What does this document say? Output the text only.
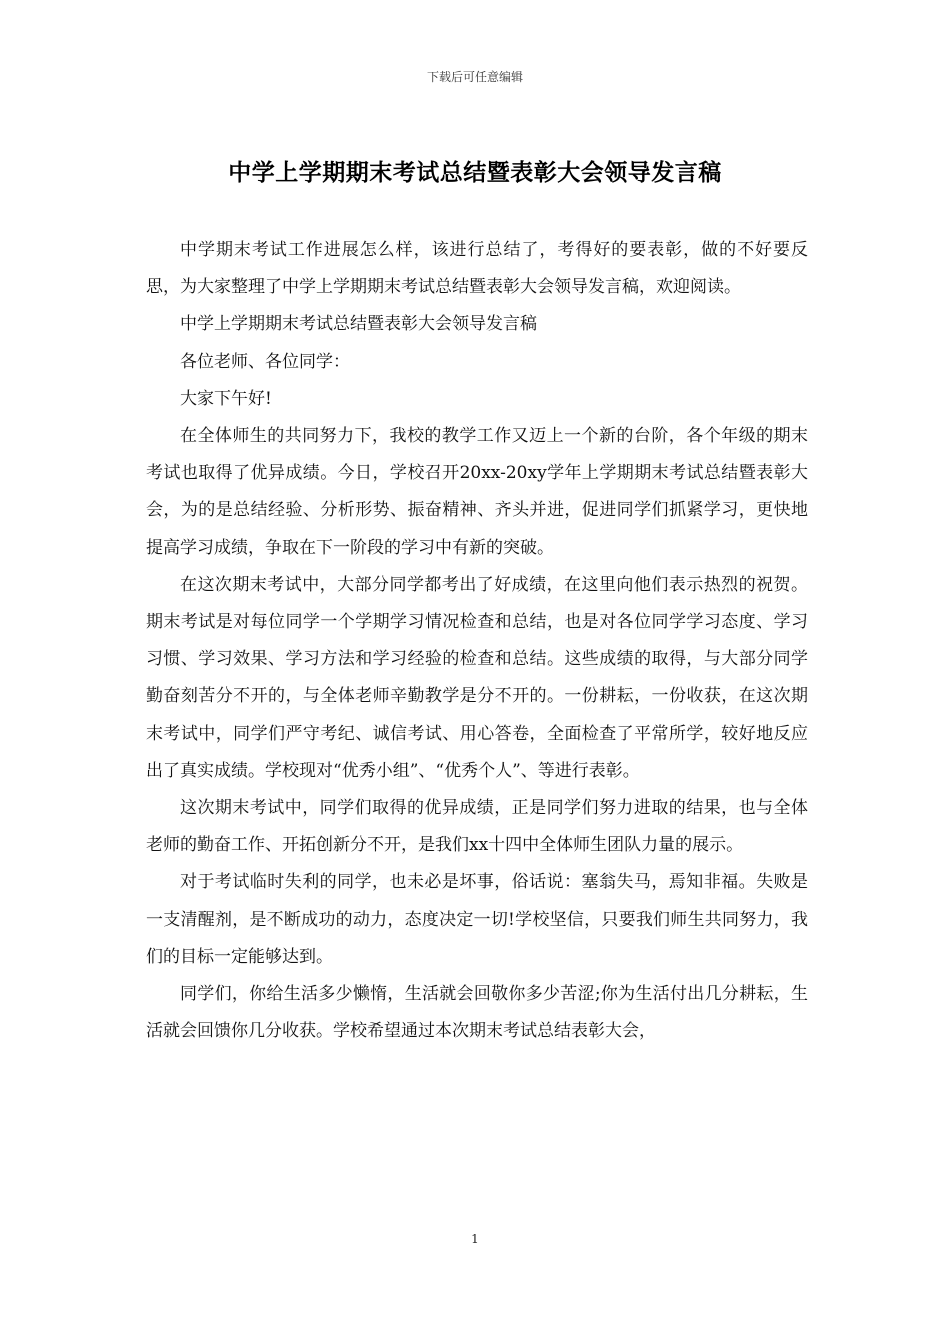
下载后可任意编辑
中学上学期期末考试总结暨表彰大会领导发言稿

中学期末考试工作进展怎么样，该进行总结了，考得好的要表彰，做的不好要反思，为大家整理了中学上学期期末考试总结暨表彰大会领导发言稿，欢迎阅读。

中学上学期期末考试总结暨表彰大会领导发言稿

各位老师、各位同学：

大家下午好!

在全体师生的共同努力下，我校的教学工作又迈上一个新的台阶，各个年级的期末考试也取得了优异成绩。今日，学校召开20xx-20xy学年上学期期末考试总结暨表彰大会，为的是总结经验、分析形势、振奋精神、齐头并进，促进同学们抓紧学习，更快地提高学习成绩，争取在下一阶段的学习中有新的突破。

在这次期末考试中，大部分同学都考出了好成绩，在这里向他们表示热烈的祝贺。期末考试是对每位同学一个学期学习情况检查和总结，也是对各位同学学习态度、学习习惯、学习效果、学习方法和学习经验的检查和总结。这些成绩的取得，与大部分同学勤奋刻苦分不开的，与全体老师辛勤教学是分不开的。一份耕耘，一份收获，在这次期末考试中，同学们严守考纪、诚信考试、用心答卷，全面检查了平常所学，较好地反应出了真实成绩。学校现对“优秀小组”、“优秀个人”、等进行表彰。

这次期末考试中，同学们取得的优异成绩，正是同学们努力进取的结果，也与全体老师的勤奋工作、开拓创新分不开，是我们xx十四中全体师生团队力量的展示。

对于考试临时失利的同学，也未必是坏事，俗话说：塞翁失马，焉知非福。失败是一支清醒剂，是不断成功的动力，态度决定一切!学校坚信，只要我们师生共同努力，我们的目标一定能够达到。

同学们，你给生活多少懒惰，生活就会回敬你多少苦涩;你为生活付出几分耕耘，生活就会回馈你几分收获。学校希望通过本次期末考试总结表彰大会，

1
